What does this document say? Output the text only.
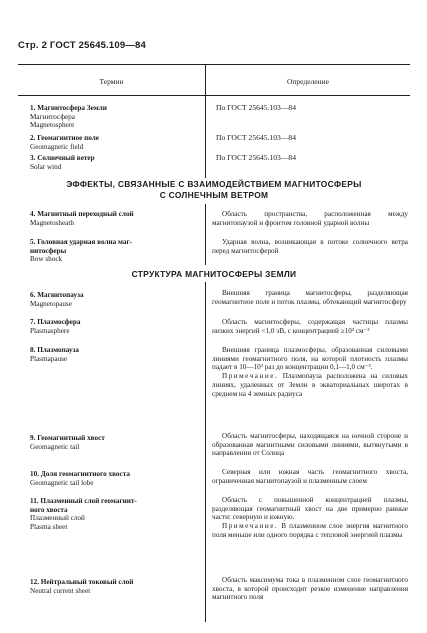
Стр. 2 ГОСТ 25645.109—84
Термин	Определение
1. Магнитосфера Земли
Магнитосфера
Magnetosphere
По ГОСТ 25645.103—84
2. Геомагнитное поле
Geomagnetic field
По ГОСТ 25645.103—84
3. Солнечный ветер
Solar wind
По ГОСТ 25645.103—84
ЭФФЕКТЫ, СВЯЗАННЫЕ С ВЗАИМОДЕЙСТВИЕМ МАГНИТОСФЕРЫ
С СОЛНЕЧНЫМ ВЕТРОМ
4. Магнитный переходный слой
Magnetosheath
Область пространства, расположенная между магнитопаузой и фронтом головной ударной волны
5. Головная ударная волна маг-
нитосферы
Bow shock
Ударная волна, возникающая в потоке солнечного ветра перед магнитосферой
СТРУКТУРА МАГНИТОСФЕРЫ ЗЕМЛИ
6. Магнитопауза
Magnetopause
Внешняя граница магнитосферы, разделяющая геомагнитное поле и поток плазмы, обтекающий магнитосферу
7. Плазмосфера
Plasmasphere
Область магнитосферы, содержащая частицы плазмы низких энергий <1,0 эВ, с концентрацией ≥10³ см⁻³
8. Плазмопауза
Plasmapause
Внешняя граница плазмосферы, образованная силовыми линиями геомагнитного поля, на которой плотность плазмы падает в 10—10³ раз до концентрации 0,1—1,0 см⁻³.
Примечание. Плазмопауза расположена на силовых линиях, удаленных от Земли в экваториальных широтах в среднем на 4 земных радиуса
9. Геомагнитный хвост
Geomagnetic tail
Область магнитосферы, находящаяся на ночной стороне и образованная магнитными силовыми линиями, вытянутыми в направлении от Солнца
10. Доля геомагнитного хвоста
Geomagnetic tail lobe
Северная или южная часть геомагнитного хвоста, ограниченная магнитопаузой и плазменным слоем
11. Плазменный слой геомагнит-
ного хвоста
Плазменный слой
Plasma sheet
Область с повышенной концентрацией плазмы, разделяющая геомагнитный хвост на две примерно равные части: северную и южную.
Примечание. В плазменном слое энергия магнитного поля меньше или одного порядка с тепловой энергией плазмы
12. Нейтральный токовый слой
Neutral current sheet
Область максимума тока в плазменном слое геомагнитного хвоста, в которой происходит резкое изменение направления магнитного поля
